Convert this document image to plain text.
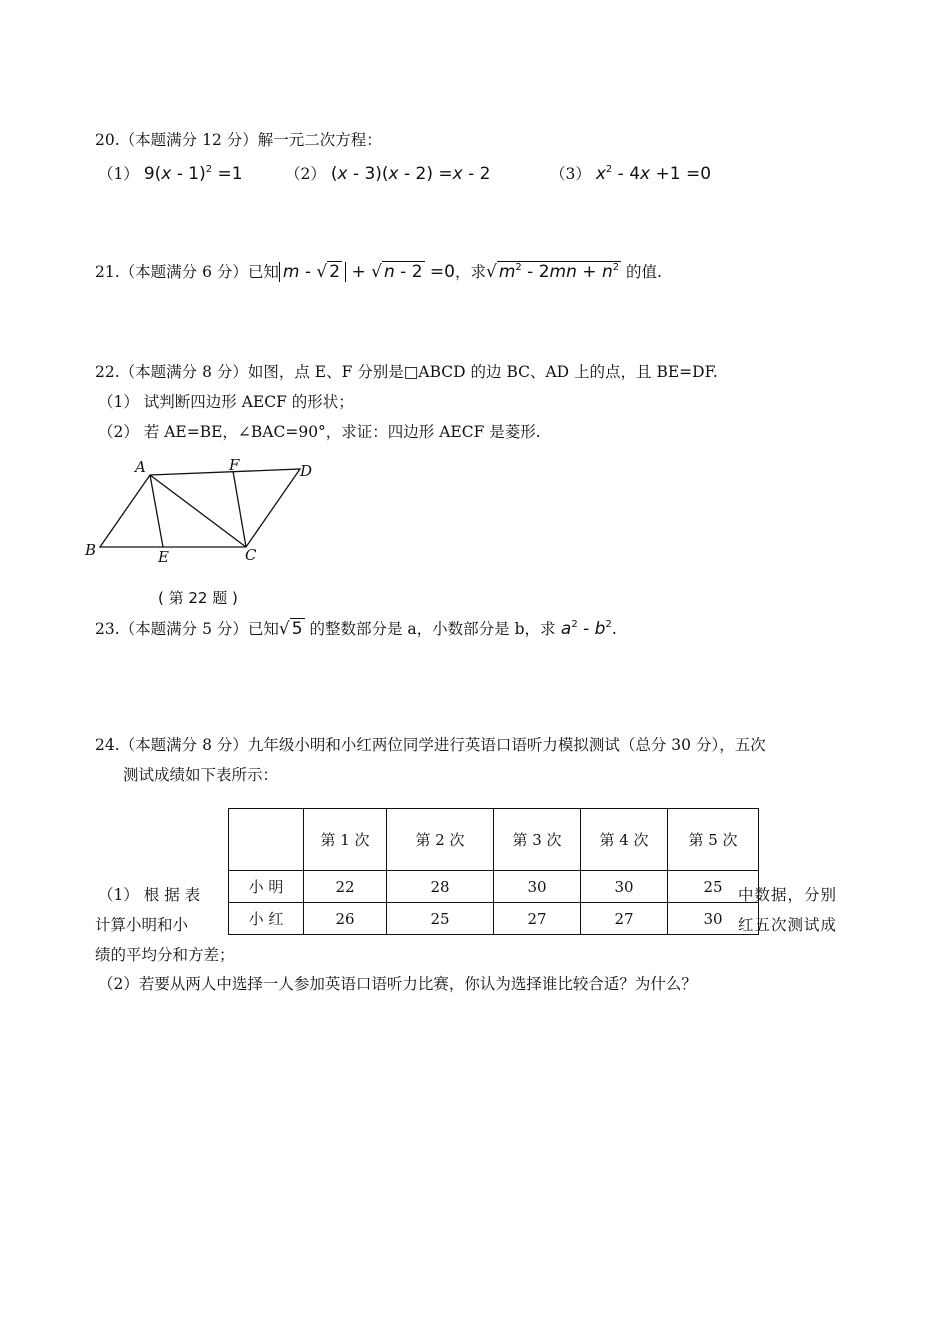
20.（本题满分 12 分）解一元二次方程：
（1） 9(x - 1)$^2$ =1	（2） (x - 3)(x - 2) =x - 2	（3） $x^2 - 4x +1 =0$
21.（本题满分 6 分）已知 m - √ 2 + √ n - 2 =0，求√ $m^2 - 2mn + n^2$ 的值.
22.（本题满分 8 分）如图，点 E、F 分别是□ABCD 的边 BC、AD 上的点，且 BE=DF.
（1） 试判断四边形 AECF 的形状；
（2） 若 AE=BE，∠BAC=90°，求证：四边形 AECF 是菱形.
A	F	D
B	E	C
( 第 22 题 )
23.（本题满分 5 分）已知√ 5 的整数部分是 a，小数部分是 b，求 $a^2 - b^2$.
24.（本题满分 8 分）九年级小明和小红两位同学进行英语口语听力模拟测试（总分 30 分），五次
测试成绩如下表所示：
	第 1 次	第 2 次	第 3 次	第 4 次	第 5 次
小 明	22	28	30	30	25
小 红	26	25	27	27	30
（1） 根 据 表
计算小明和小
中数据，分别
红五次测试成
绩的平均分和方差；
（2）若要从两人中选择一人参加英语口语听力比赛，你认为选择谁比较合适？为什么？
